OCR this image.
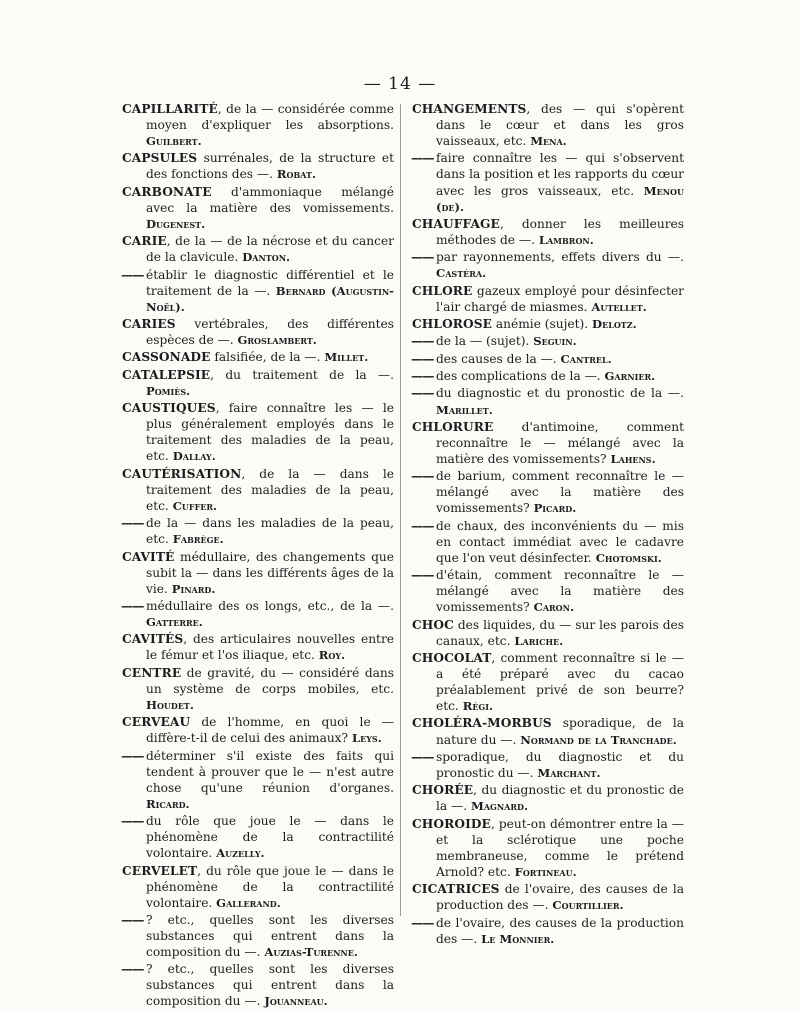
— 14 —

CAPILLARITÉ, de la — considérée comme moyen d'expliquer les absorptions. Guilbert.

CAPSULES surrénales, de la structure et des fonctions des —. Robat.

CARBONATE d'ammoniaque mélangé avec la matière des vomissements. Dugenest.

CARIE, de la — de la nécrose et du cancer de la clavicule. Danton.

—— établir le diagnostic différentiel et le traitement de la —. Bernard (Augustin-Noël).

CARIES vertébrales, des différentes espèces de —. Groslambert.

CASSONADE falsifiée, de la —. Millet.

CATALEPSIE, du traitement de la —. Pomiès.

CAUSTIQUES, faire connaître les — le plus généralement employés dans le traitement des maladies de la peau, etc. Dallay.

CAUTÉRISATION, de la — dans le traitement des maladies de la peau, etc. Cuffer.

—— de la — dans les maladies de la peau, etc. Fabrège.

CAVITÉ médullaire, des changements que subit la — dans les différents âges de la vie. Pinard.

—— médullaire des os longs, etc., de la —. Gatterre.

CAVITÉS, des articulaires nouvelles entre le fémur et l'os iliaque, etc. Roy.

CENTRE de gravité, du — considéré dans un système de corps mobiles, etc. Houdet.

CERVEAU de l'homme, en quoi le — diffère-t-il de celui des animaux? Leys.

—— déterminer s'il existe des faits qui tendent à prouver que le — n'est autre chose qu'une réunion d'organes. Ricard.

—— du rôle que joue le — dans le phénomène de la contractilité volontaire. Auzelly.

CERVELET, du rôle que joue le — dans le phénomène de la contractilité volontaire. Gallerand.

—— ? etc., quelles sont les diverses substances qui entrent dans la composition du —. Auzias-Turenne.

—— ? etc., quelles sont les diverses substances qui entrent dans la composition du —. Jouanneau.

CHANGEMENTS, des — qui s'opèrent dans le cœur et dans les gros vaisseaux, etc. Mena.

—— faire connaître les — qui s'observent dans la position et les rapports du cœur avec les gros vaisseaux, etc. Menou (de).

CHAUFFAGE, donner les meilleures méthodes de —. Lambron.

—— par rayonnements, effets divers du —. Castéra.

CHLORE gazeux employé pour désinfecter l'air chargé de miasmes. Autellet.

CHLOROSE anémie (sujet). Delotz.

—— de la — (sujet). Seguin.

—— des causes de la —. Cantrel.

—— des complications de la —. Garnier.

—— du diagnostic et du pronostic de la —. Marillet.

CHLORURE d'antimoine, comment reconnaître le — mélangé avec la matière des vomissements? Lahens.

—— de barium, comment reconnaître le — mélangé avec la matière des vomissements? Picard.

—— de chaux, des inconvénients du — mis en contact immédiat avec le cadavre que l'on veut désinfecter. Chotomski.

—— d'étain, comment reconnaître le — mélangé avec la matière des vomissements? Caron.

CHOC des liquides, du — sur les parois des canaux, etc. Lariche.

CHOCOLAT, comment reconnaître si le — a été préparé avec du cacao préalablement privé de son beurre? etc. Régi.

CHOLÉRA-MORBUS sporadique, de la nature du —. Normand de la Tranchade.

—— sporadique, du diagnostic et du pronostic du —. Marchant.

CHORÉE, du diagnostic et du pronostic de la —. Magnard.

CHOROIDE, peut-on démontrer entre la — et la sclérotique une poche membraneuse, comme le prétend Arnold? etc. Fortineau.

CICATRICES de l'ovaire, des causes de la production des —. Courtillier.

—— de l'ovaire, des causes de la production des —. Le Monnier.
